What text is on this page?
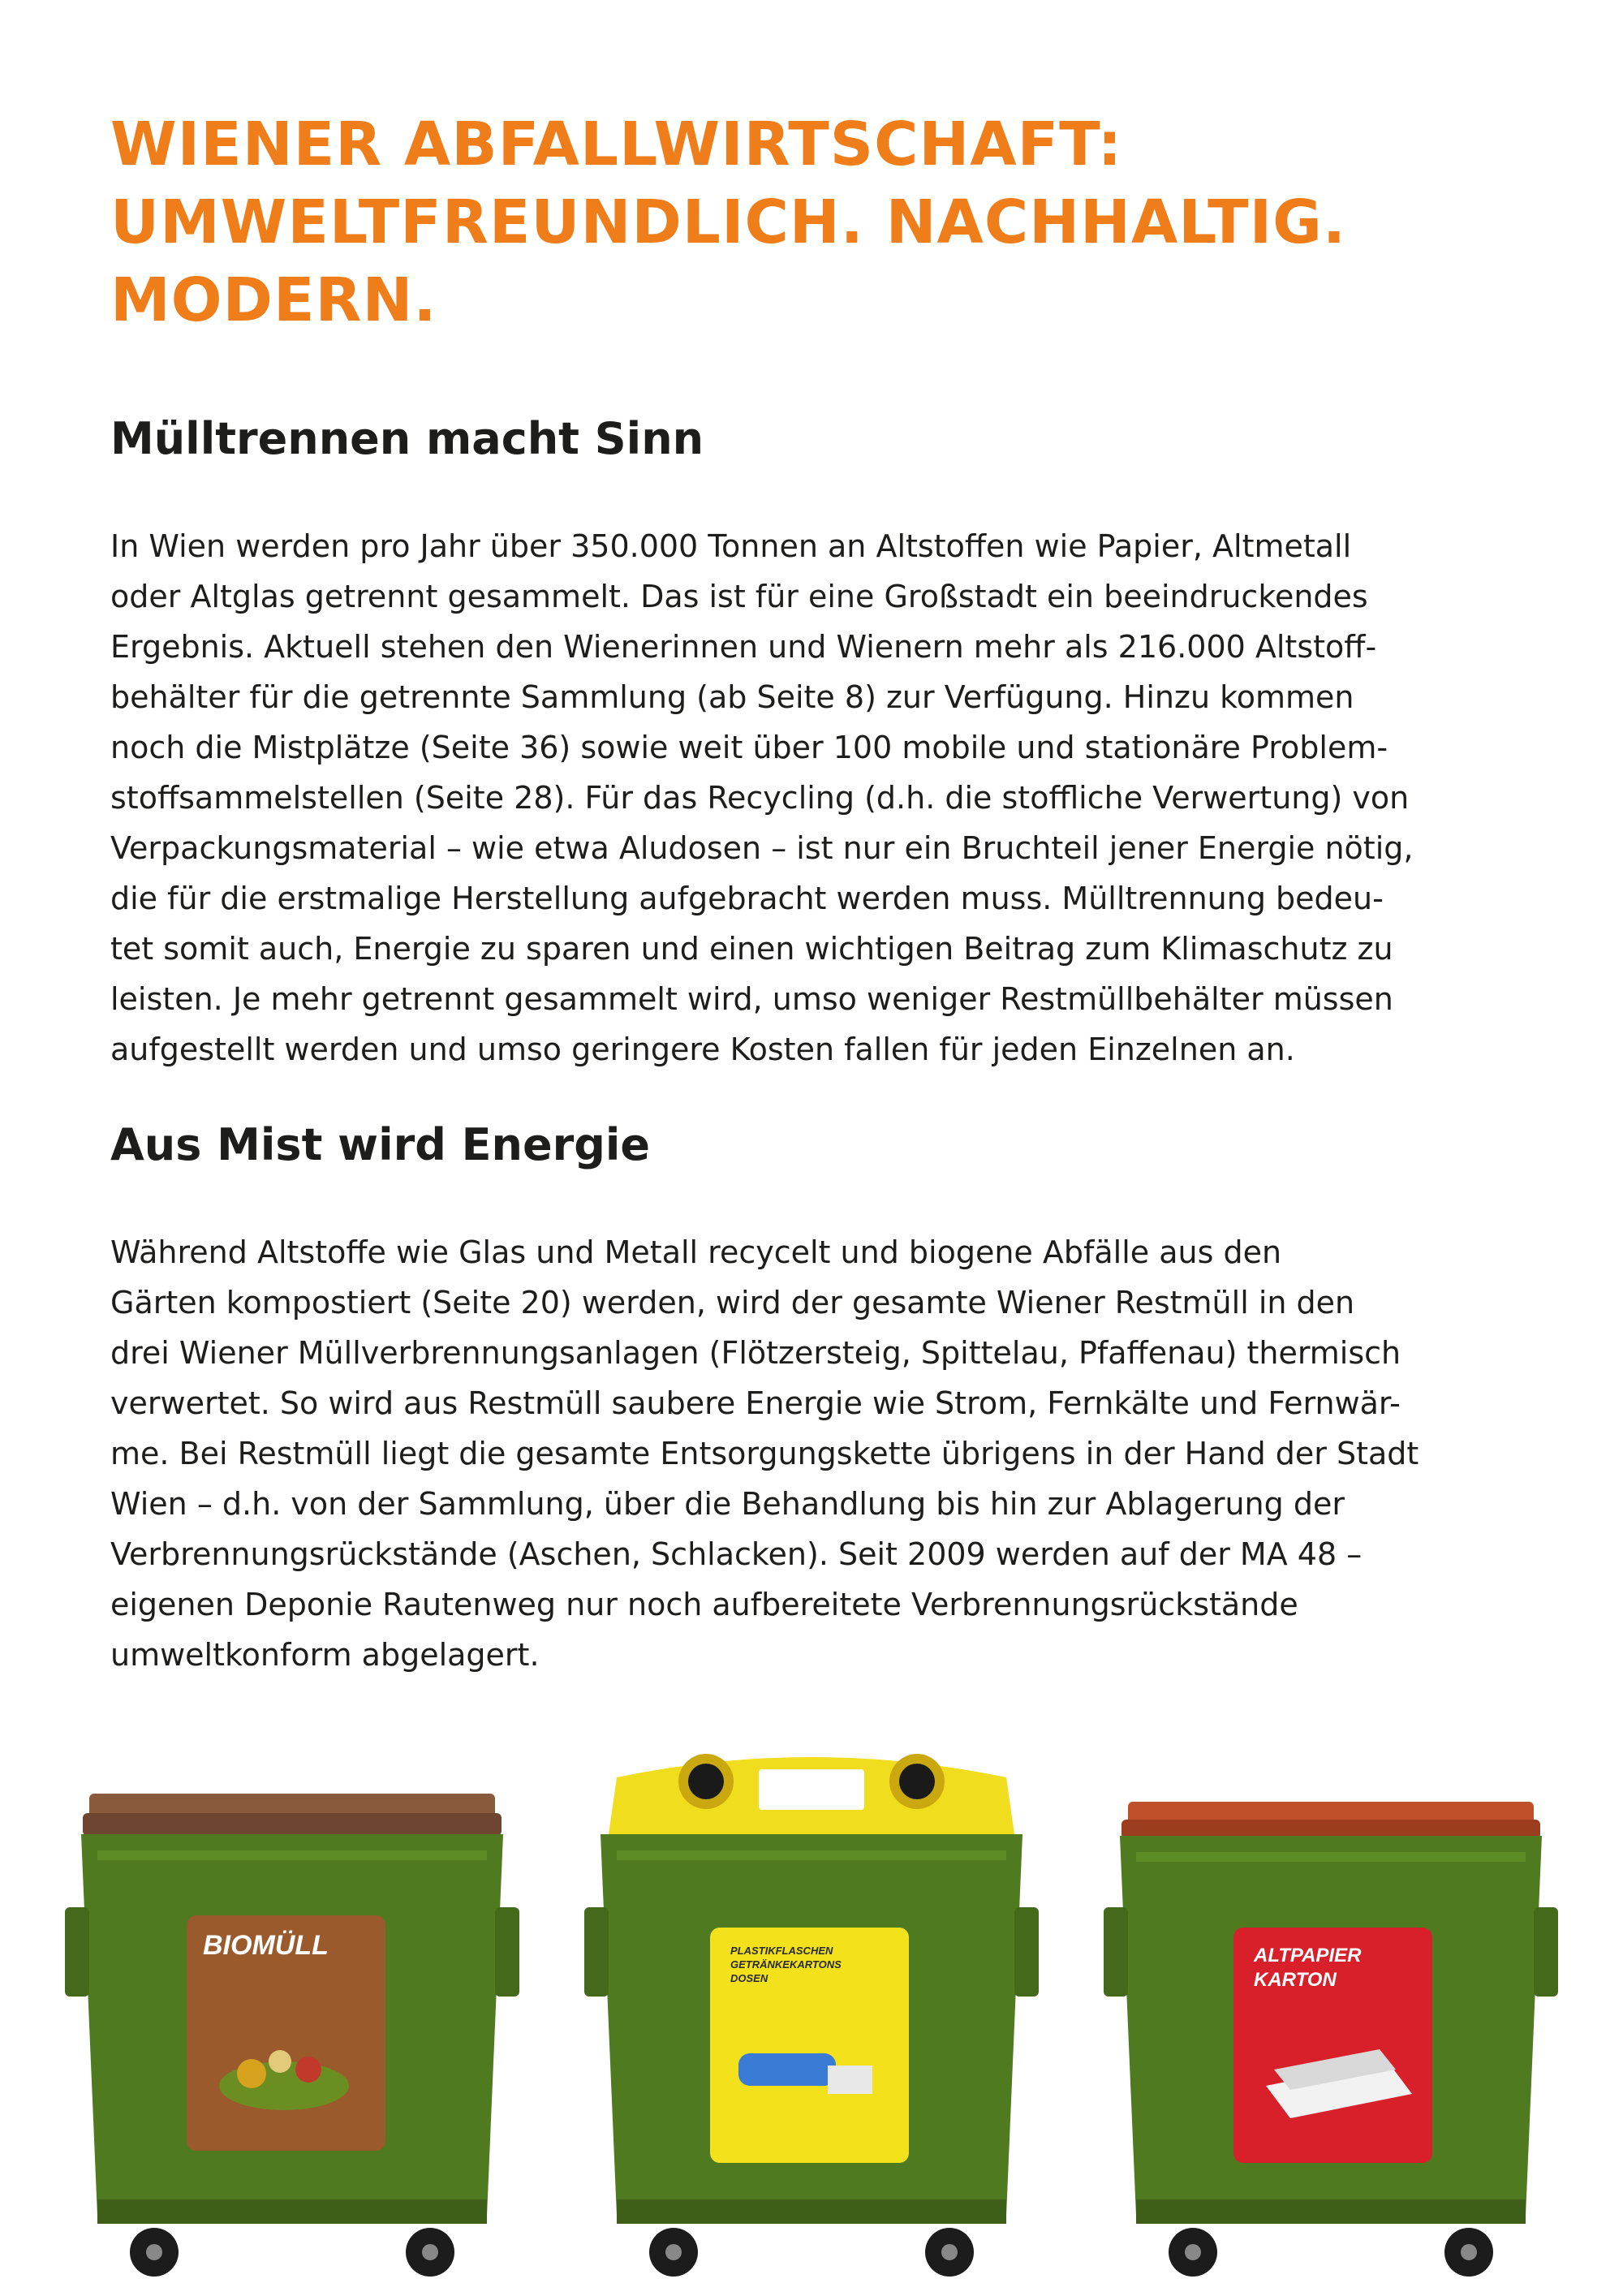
WIENER ABFALLWIRTSCHAFT:
UMWELTFREUNDLICH. NACHHALTIG.
MODERN.
Mülltrennen macht Sinn
In Wien werden pro Jahr über 350.000 Tonnen an Altstoffen wie Papier, Altmetall
oder Altglas getrennt gesammelt. Das ist für eine Großstadt ein beeindruckendes
Ergebnis. Aktuell stehen den Wienerinnen und Wienern mehr als 216.000 Altstoff-
behälter für die getrennte Sammlung (ab Seite 8) zur Verfügung. Hinzu kommen
noch die Mistplätze (Seite 36) sowie weit über 100 mobile und stationäre Problem-
stoffsammelstellen (Seite 28). Für das Recycling (d.h. die stoffliche Verwertung) von
Verpackungsmaterial – wie etwa Aludosen – ist nur ein Bruchteil jener Energie nötig,
die für die erstmalige Herstellung aufgebracht werden muss. Mülltrennung bedeu-
tet somit auch, Energie zu sparen und einen wichtigen Beitrag zum Klimaschutz zu
leisten. Je mehr getrennt gesammelt wird, umso weniger Restmüllbehälter müssen
aufgestellt werden und umso geringere Kosten fallen für jeden Einzelnen an.
Aus Mist wird Energie
Während Altstoffe wie Glas und Metall recycelt und biogene Abfälle aus den
Gärten kompostiert (Seite 20) werden, wird der gesamte Wiener Restmüll in den
drei Wiener Müllverbrennungsanlagen (Flötzersteig, Spittelau, Pfaffenau) thermisch
verwertet. So wird aus Restmüll saubere Energie wie Strom, Fernkälte und Fernwär-
me. Bei Restmüll liegt die gesamte Entsorgungskette übrigens in der Hand der Stadt
Wien – d.h. von der Sammlung, über die Behandlung bis hin zur Ablagerung der
Verbrennungsrückstände (Aschen, Schlacken). Seit 2009 werden auf der MA 48 –
eigenen Deponie Rautenweg nur noch aufbereitete Verbrennungsrückstände
umweltkonform abgelagert.
BIOMÜLL	PLASTIKFLASCHEN
GETRÄNKEKARTONS
DOSEN
ALTPAPIER
KARTON
